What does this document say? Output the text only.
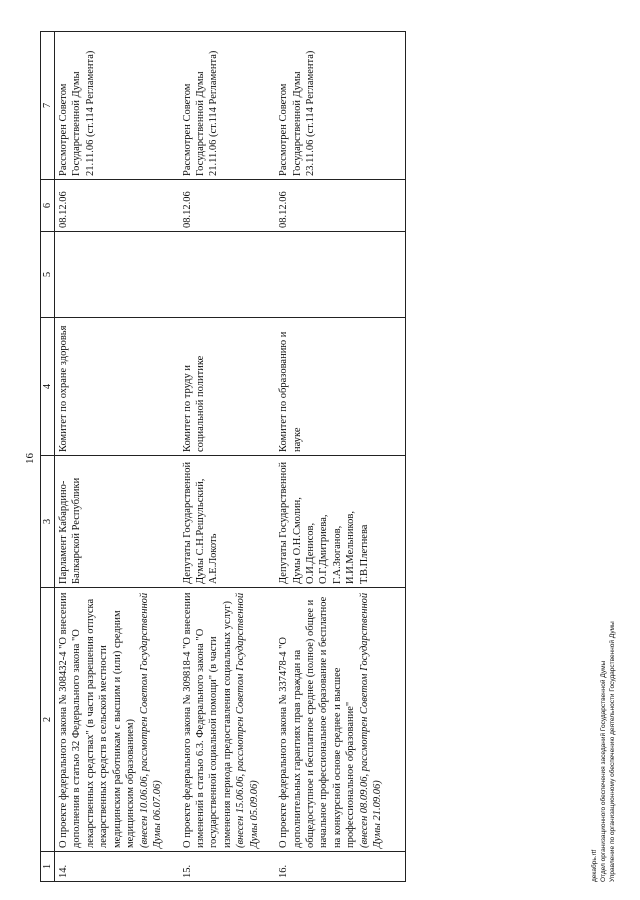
16
1	2	3	4	5	6	7
14.	О проекте федерального закона № 308432-4 "О внесении дополнения в статью 32 Федерального закона "О лекарственных средствах" (в части разрешения отпуска лекарственных средств в сельской местности медицинским работникам с высшим и (или) средним медицинским образованием) (внесен 10.06.06, рассмотрен Советом Государственной Думы 06.07.06)	Парламент Кабардино-Балкарской Республики	Комитет по охране здоровья		08.12.06	Рассмотрен Советом Государственной Думы 21.11.06 (ст.114 Регламента)
15.	О проекте федерального закона № 309818-4 "О внесении изменений в статью 6.3. Федерального закона "О государственной социальной помощи" (в части изменения периода предоставления социальных услуг) (внесен 15.06.06, рассмотрен Советом Государственной Думы 05.09.06)	Депутаты Государственной Думы С.Н.Решульский, А.Е.Локоть	Комитет по труду и социальной политике		08.12.06	Рассмотрен Советом Государственной Думы 21.11.06 (ст.114 Регламента)
16.	О проекте федерального закона № 337478-4 "О дополнительных гарантиях прав граждан на общедоступное и бесплатное среднее (полное) общее и начальное профессиональное образование и бесплатное на конкурсной основе среднее и высшее профессиональное образование" (внесен 08.09.06, рассмотрен Советом Государственной Думы 21.09.06)	Депутаты Государственной Думы О.Н.Смолин, О.И.Денисов, О.Г.Дмитриева, Г.А.Зюганов, И.И.Мельников, Т.В.Плетнева	Комитет по образованию и науке		08.12.06	Рассмотрен Советом Государственной Думы 23.11.06 (ст.114 Регламента)
декабрь.rtf Отдел организационного обеспечения заседаний Государственной Думы Управление по организационному обеспечению деятельности Государственной Думы
